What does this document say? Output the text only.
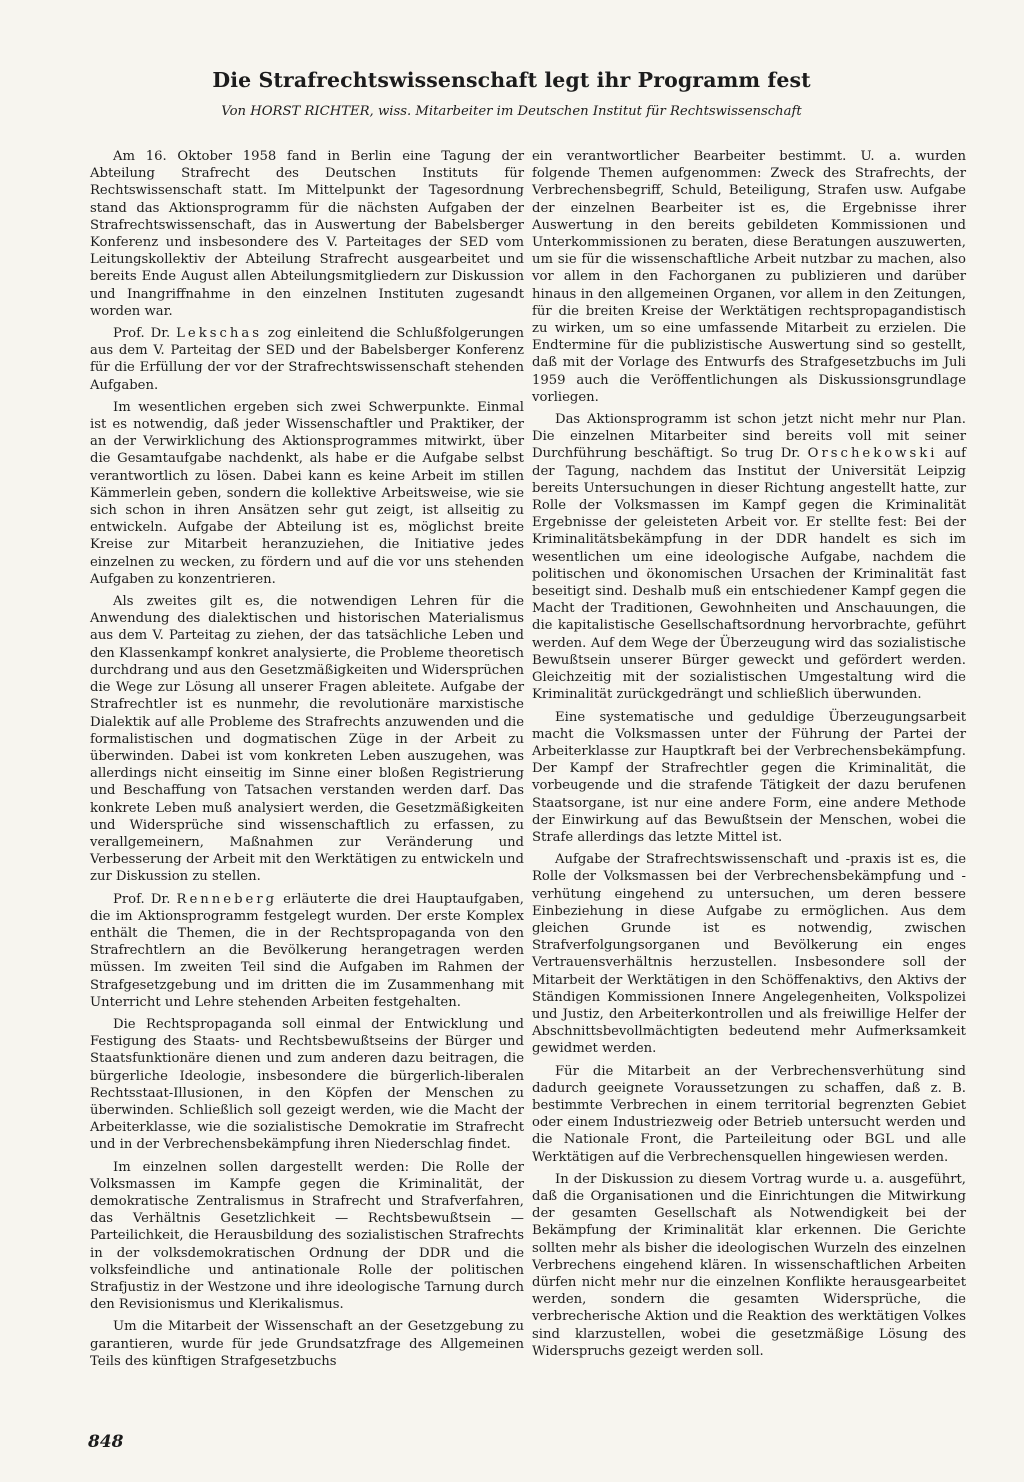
Die Strafrechtswissenschaft legt ihr Programm fest

Von HORST RICHTER, wiss. Mitarbeiter im Deutschen Institut für Rechtswissenschaft

Am 16. Oktober 1958 fand in Berlin eine Tagung der Abteilung Strafrecht des Deutschen Instituts für Rechtswissenschaft statt. Im Mittelpunkt der Tagesordnung stand das Aktionsprogramm für die nächsten Aufgaben der Strafrechtswissenschaft, das in Auswertung der Babelsberger Konferenz und insbesondere des V. Parteitages der SED vom Leitungskollektiv der Abteilung Strafrecht ausgearbeitet und bereits Ende August allen Abteilungsmitgliedern zur Diskussion und Inangriffnahme in den einzelnen Instituten zugesandt worden war.

Prof. Dr. Lekschas zog einleitend die Schlußfolgerungen aus dem V. Parteitag der SED und der Babelsberger Konferenz für die Erfüllung der vor der Strafrechtswissenschaft stehenden Aufgaben.

Im wesentlichen ergeben sich zwei Schwerpunkte. Einmal ist es notwendig, daß jeder Wissenschaftler und Praktiker, der an der Verwirklichung des Aktionsprogrammes mitwirkt, über die Gesamtaufgabe nachdenkt, als habe er die Aufgabe selbst verantwortlich zu lösen. Dabei kann es keine Arbeit im stillen Kämmerlein geben, sondern die kollektive Arbeitsweise, wie sie sich schon in ihren Ansätzen sehr gut zeigt, ist allseitig zu entwickeln. Aufgabe der Abteilung ist es, möglichst breite Kreise zur Mitarbeit heranzuziehen, die Initiative jedes einzelnen zu wecken, zu fördern und auf die vor uns stehenden Aufgaben zu konzentrieren.

Als zweites gilt es, die notwendigen Lehren für die Anwendung des dialektischen und historischen Materialismus aus dem V. Parteitag zu ziehen, der das tatsächliche Leben und den Klassenkampf konkret analysierte, die Probleme theoretisch durchdrang und aus den Gesetzmäßigkeiten und Widersprüchen die Wege zur Lösung all unserer Fragen ableitete. Aufgabe der Strafrechtler ist es nunmehr, die revolutionäre marxistische Dialektik auf alle Probleme des Strafrechts anzuwenden und die formalistischen und dogmatischen Züge in der Arbeit zu überwinden. Dabei ist vom konkreten Leben auszugehen, was allerdings nicht einseitig im Sinne einer bloßen Registrierung und Beschaffung von Tatsachen verstanden werden darf. Das konkrete Leben muß analysiert werden, die Gesetzmäßigkeiten und Widersprüche sind wissenschaftlich zu erfassen, zu verallgemeinern, Maßnahmen zur Veränderung und Verbesserung der Arbeit mit den Werktätigen zu entwickeln und zur Diskussion zu stellen.

Prof. Dr. Renneberg erläuterte die drei Hauptaufgaben, die im Aktionsprogramm festgelegt wurden. Der erste Komplex enthält die Themen, die in der Rechtspropaganda von den Strafrechtlern an die Bevölkerung herangetragen werden müssen. Im zweiten Teil sind die Aufgaben im Rahmen der Strafgesetzgebung und im dritten die im Zusammenhang mit Unterricht und Lehre stehenden Arbeiten festgehalten.

Die Rechtspropaganda soll einmal der Entwicklung und Festigung des Staats- und Rechtsbewußtseins der Bürger und Staatsfunktionäre dienen und zum anderen dazu beitragen, die bürgerliche Ideologie, insbesondere die bürgerlich-liberalen Rechtsstaat-Illusionen, in den Köpfen der Menschen zu überwinden. Schließlich soll gezeigt werden, wie die Macht der Arbeiterklasse, wie die sozialistische Demokratie im Strafrecht und in der Verbrechensbekämpfung ihren Niederschlag findet.

Im einzelnen sollen dargestellt werden: Die Rolle der Volksmassen im Kampfe gegen die Kriminalität, der demokratische Zentralismus in Strafrecht und Strafverfahren, das Verhältnis Gesetzlichkeit — Rechtsbewußtsein — Parteilichkeit, die Herausbildung des sozialistischen Strafrechts in der volksdemokratischen Ordnung der DDR und die volksfeindliche und antinationale Rolle der politischen Strafjustiz in der Westzone und ihre ideologische Tarnung durch den Revisionismus und Klerikalismus.

Um die Mitarbeit der Wissenschaft an der Gesetzgebung zu garantieren, wurde für jede Grundsatzfrage des Allgemeinen Teils des künftigen Strafgesetzbuchs

ein verantwortlicher Bearbeiter bestimmt. U. a. wurden folgende Themen aufgenommen: Zweck des Strafrechts, der Verbrechensbegriff, Schuld, Beteiligung, Strafen usw. Aufgabe der einzelnen Bearbeiter ist es, die Ergebnisse ihrer Auswertung in den bereits gebildeten Kommissionen und Unterkommissionen zu beraten, diese Beratungen auszuwerten, um sie für die wissenschaftliche Arbeit nutzbar zu machen, also vor allem in den Fachorganen zu publizieren und darüber hinaus in den allgemeinen Organen, vor allem in den Zeitungen, für die breiten Kreise der Werktätigen rechtspropagandistisch zu wirken, um so eine umfassende Mitarbeit zu erzielen. Die Endtermine für die publizistische Auswertung sind so gestellt, daß mit der Vorlage des Entwurfs des Strafgesetzbuchs im Juli 1959 auch die Veröffentlichungen als Diskussionsgrundlage vorliegen.

Das Aktionsprogramm ist schon jetzt nicht mehr nur Plan. Die einzelnen Mitarbeiter sind bereits voll mit seiner Durchführung beschäftigt. So trug Dr. Orschekowski auf der Tagung, nachdem das Institut der Universität Leipzig bereits Untersuchungen in dieser Richtung angestellt hatte, zur Rolle der Volksmassen im Kampf gegen die Kriminalität Ergebnisse der geleisteten Arbeit vor. Er stellte fest: Bei der Kriminalitätsbekämpfung in der DDR handelt es sich im wesentlichen um eine ideologische Aufgabe, nachdem die politischen und ökonomischen Ursachen der Kriminalität fast beseitigt sind. Deshalb muß ein entschiedener Kampf gegen die Macht der Traditionen, Gewohnheiten und Anschauungen, die die kapitalistische Gesellschaftsordnung hervorbrachte, geführt werden. Auf dem Wege der Überzeugung wird das sozialistische Bewußtsein unserer Bürger geweckt und gefördert werden. Gleichzeitig mit der sozialistischen Umgestaltung wird die Kriminalität zurückgedrängt und schließlich überwunden.

Eine systematische und geduldige Überzeugungsarbeit macht die Volksmassen unter der Führung der Partei der Arbeiterklasse zur Hauptkraft bei der Verbrechensbekämpfung. Der Kampf der Strafrechtler gegen die Kriminalität, die vorbeugende und die strafende Tätigkeit der dazu berufenen Staatsorgane, ist nur eine andere Form, eine andere Methode der Einwirkung auf das Bewußtsein der Menschen, wobei die Strafe allerdings das letzte Mittel ist.

Aufgabe der Strafrechtswissenschaft und -praxis ist es, die Rolle der Volksmassen bei der Verbrechensbekämpfung und -verhütung eingehend zu untersuchen, um deren bessere Einbeziehung in diese Aufgabe zu ermöglichen. Aus dem gleichen Grunde ist es notwendig, zwischen Strafverfolgungsorganen und Bevölkerung ein enges Vertrauensverhältnis herzustellen. Insbesondere soll der Mitarbeit der Werktätigen in den Schöffenaktivs, den Aktivs der Ständigen Kommissionen Innere Angelegenheiten, Volkspolizei und Justiz, den Arbeiterkontrollen und als freiwillige Helfer der Abschnittsbevollmächtigten bedeutend mehr Aufmerksamkeit gewidmet werden.

Für die Mitarbeit an der Verbrechensverhütung sind dadurch geeignete Voraussetzungen zu schaffen, daß z. B. bestimmte Verbrechen in einem territorial begrenzten Gebiet oder einem Industriezweig oder Betrieb untersucht werden und die Nationale Front, die Parteileitung oder BGL und alle Werktätigen auf die Verbrechensquellen hingewiesen werden.

In der Diskussion zu diesem Vortrag wurde u. a. ausgeführt, daß die Organisationen und die Einrichtungen die Mitwirkung der gesamten Gesellschaft als Notwendigkeit bei der Bekämpfung der Kriminalität klar erkennen. Die Gerichte sollten mehr als bisher die ideologischen Wurzeln des einzelnen Verbrechens eingehend klären. In wissenschaftlichen Arbeiten dürfen nicht mehr nur die einzelnen Konflikte herausgearbeitet werden, sondern die gesamten Widersprüche, die verbrecherische Aktion und die Reaktion des werktätigen Volkes sind klarzustellen, wobei die gesetzmäßige Lösung des Widerspruchs gezeigt werden soll.

848
